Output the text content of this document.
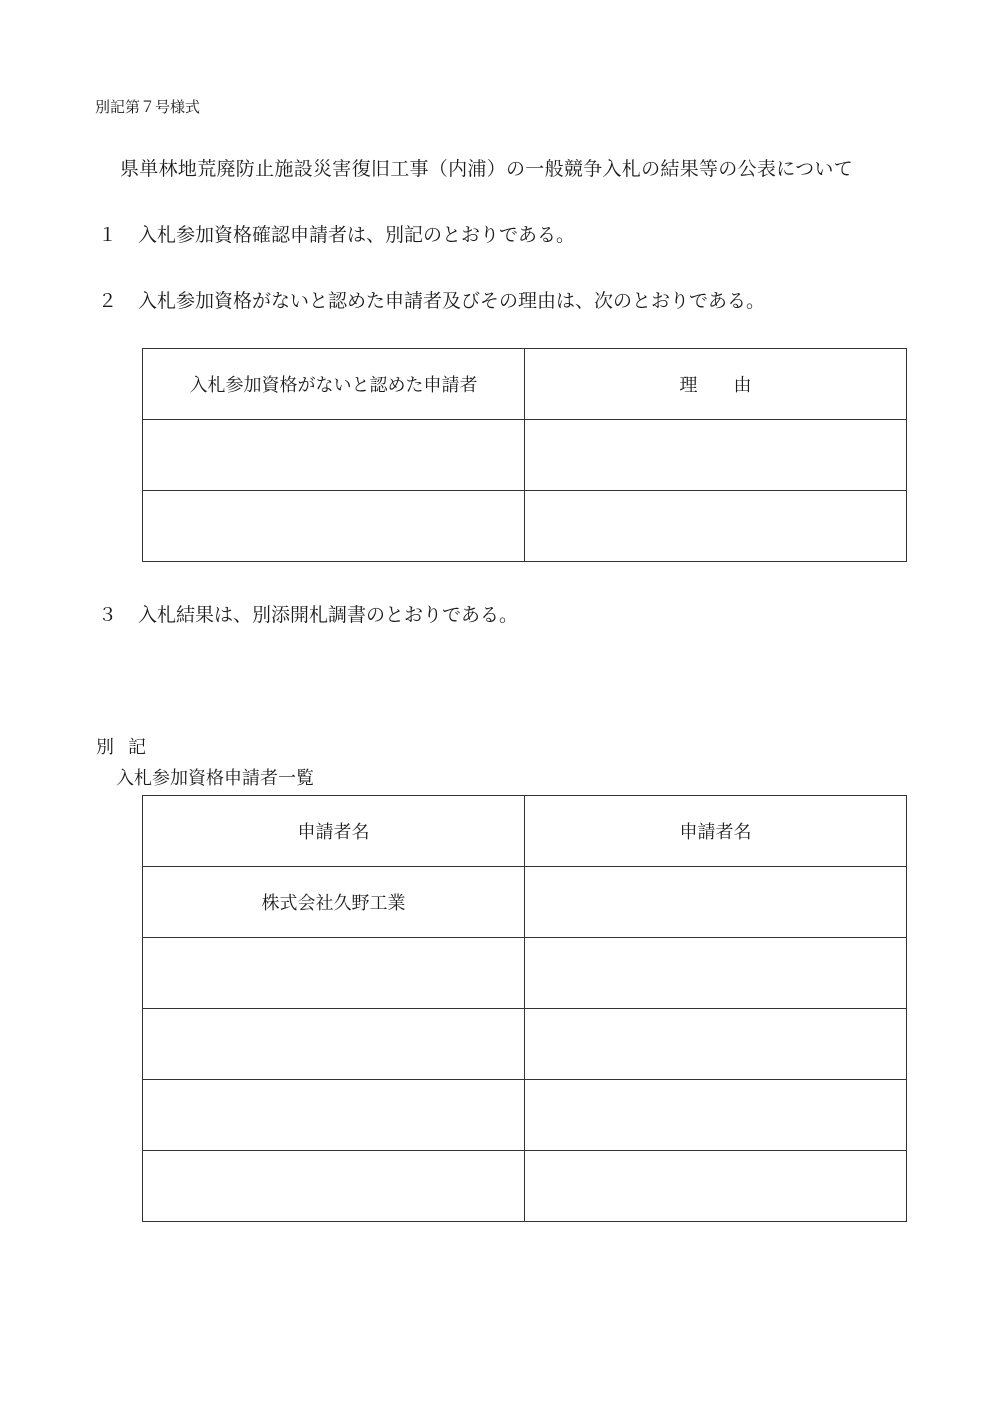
別記第７号様式
県単林地荒廃防止施設災害復旧工事（内浦）の一般競争入札の結果等の公表について
１ 入札参加資格確認申請者は、別記のとおりである。
２ 入札参加資格がないと認めた申請者及びその理由は、次のとおりである。
入札参加資格がないと認めた申請者	理　　由

３ 入札結果は、別添開札調書のとおりである。
別記
入札参加資格申請者一覧
申請者名	申請者名
株式会社久野工業	
